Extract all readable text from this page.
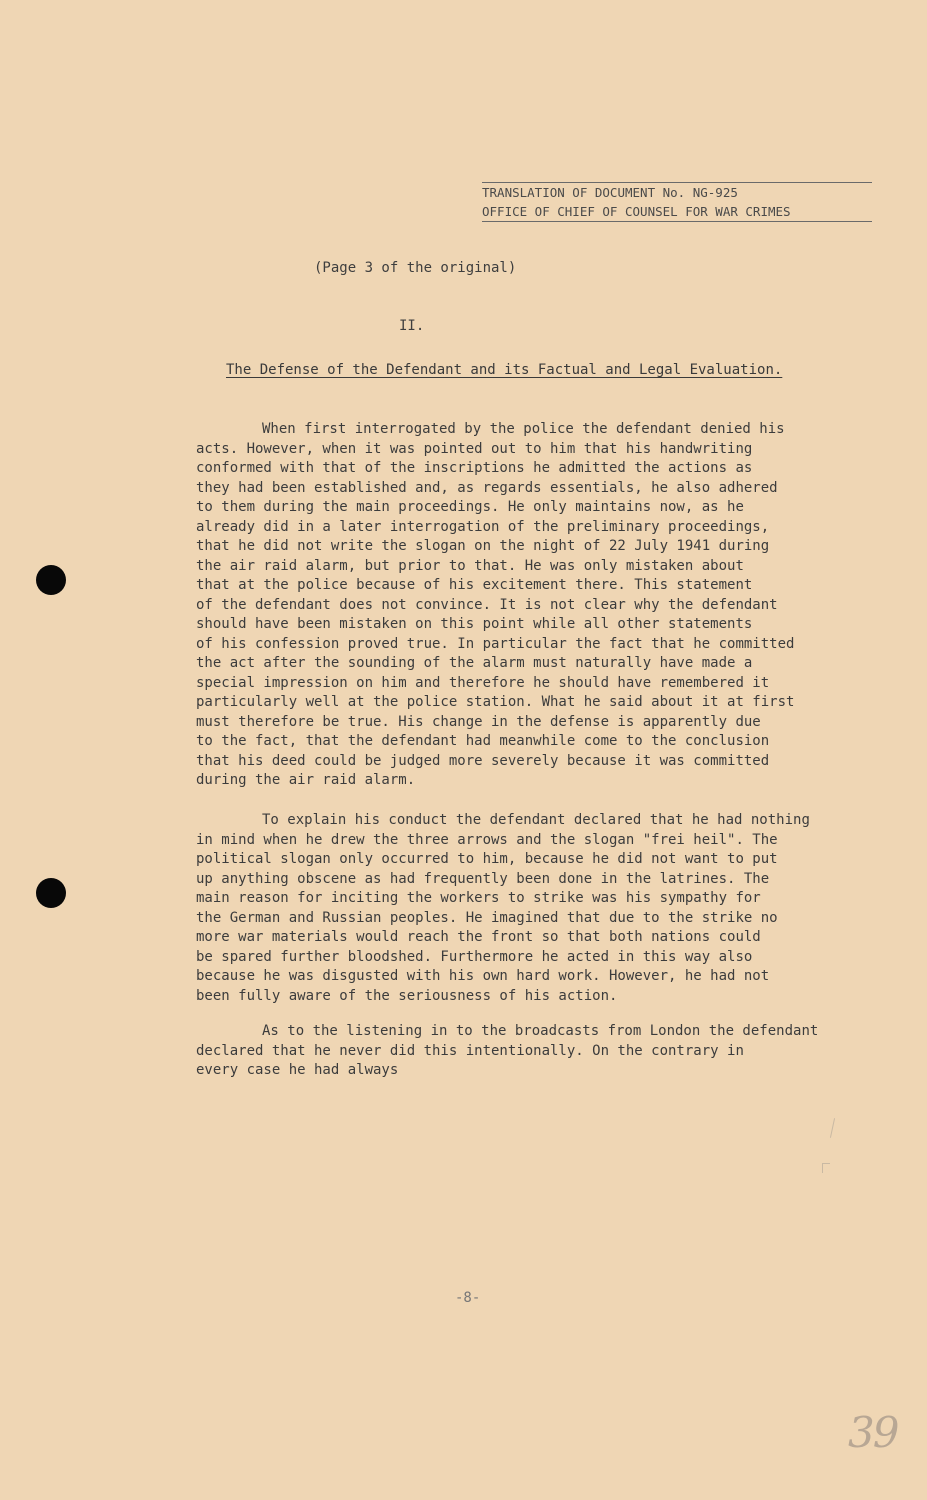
TRANSLATION OF DOCUMENT No. NG-925
OFFICE OF CHIEF OF COUNSEL FOR WAR CRIMES
(Page 3 of the original)
II.
The Defense of the Defendant and its Factual and Legal Evaluation.

When first interrogated by the police the defendant denied his

acts. However, when it was pointed out to him that his handwriting

conformed with that of the inscriptions he admitted the actions as

they had been established and, as regards essentials, he also adhered

to them during the main proceedings. He only maintains now, as he

already did in a later interrogation of the preliminary proceedings,

that he did not write the slogan on the night of 22 July 1941 during

the air raid alarm, but prior to that. He was only mistaken about

that at the police because of his excitement there. This statement

of the defendant does not convince. It is not clear why the defendant

should have been mistaken on this point while all other statements

of his confession proved true. In particular the fact that he committed

the act after the sounding of the alarm must naturally have made a

special impression on him and therefore he should have remembered it

particularly well at the police station. What he said about it at first

must therefore be true. His change in the defense is apparently due

to the fact, that the defendant had meanwhile come to the conclusion

that his deed could be judged more severely because it was committed

during the air raid alarm.

To explain his conduct the defendant declared that he had nothing

in mind when he drew the three arrows and the slogan "frei heil". The

political slogan only occurred to him, because he did not want to put

up anything obscene as had frequently been done in the latrines. The

main reason for inciting the workers to strike was his sympathy for

the German and Russian peoples. He imagined that due to the strike no

more war materials would reach the front so that both nations could

be spared further bloodshed. Furthermore he acted in this way also

because he was disgusted with his own hard work. However, he had not

been fully aware of the seriousness of his action.

As to the listening in to the broadcasts from London the defendant

declared that he never did this intentionally. On the contrary in

every case he had always

-8-
39
